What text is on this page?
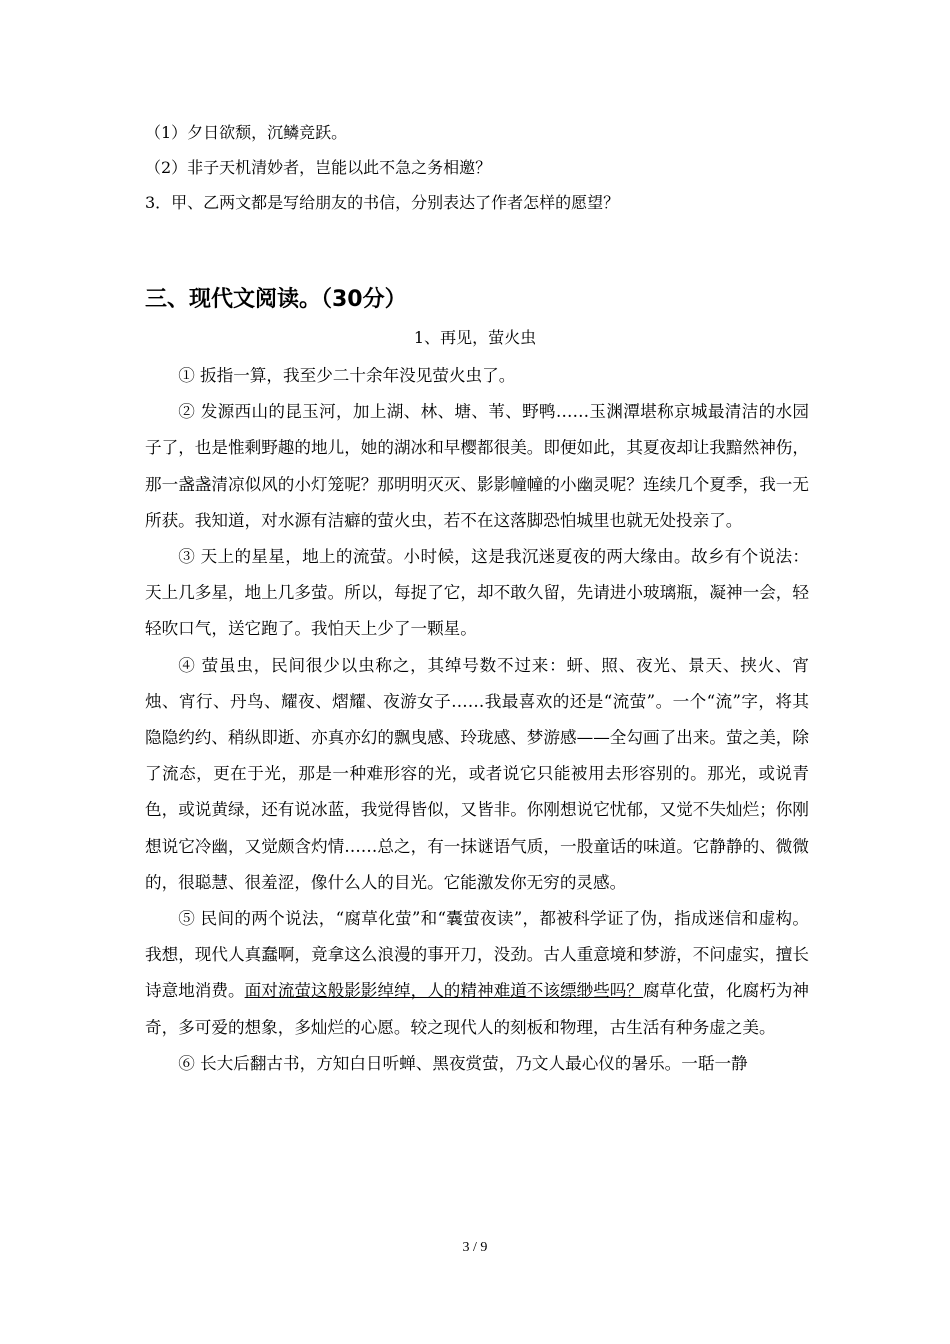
（1）夕日欲颓，沉鳞竞跃。
（2）非子天机清妙者，岂能以此不急之务相邀？
3．甲、乙两文都是写给朋友的书信，分别表达了作者怎样的愿望？
三、现代文阅读。（30分）
1、再见，萤火虫

① 扳指一算，我至少二十余年没见萤火虫了。

② 发源西山的昆玉河，加上湖、林、塘、苇、野鸭……玉渊潭堪称京城最清洁的水园子了，也是惟剩野趣的地儿，她的湖冰和早樱都很美。即便如此，其夏夜却让我黯然神伤，那一盏盏清凉似风的小灯笼呢？那明明灭灭、影影幢幢的小幽灵呢？连续几个夏季，我一无所获。我知道，对水源有洁癖的萤火虫，若不在这落脚恐怕城里也就无处投亲了。

③ 天上的星星，地上的流萤。小时候，这是我沉迷夏夜的两大缘由。故乡有个说法：天上几多星，地上几多萤。所以，每捉了它，却不敢久留，先请进小玻璃瓶，凝神一会，轻轻吹口气，送它跑了。我怕天上少了一颗星。

④ 萤虽虫，民间很少以虫称之，其绰号数不过来：蚈、照、夜光、景天、挟火、宵烛、宵行、丹鸟、耀夜、熠耀、夜游女子……我最喜欢的还是“流萤”。一个“流”字，将其隐隐约约、稍纵即逝、亦真亦幻的飘曳感、玲珑感、梦游感——全勾画了出来。萤之美，除了流态，更在于光，那是一种难形容的光，或者说它只能被用去形容别的。那光，或说青色，或说黄绿，还有说冰蓝，我觉得皆似，又皆非。你刚想说它忧郁，又觉不失灿烂；你刚想说它冷幽，又觉颇含灼情……总之，有一抹谜语气质，一股童话的味道。它静静的、微微的，很聪慧、很羞涩，像什么人的目光。它能激发你无穷的灵感。

⑤ 民间的两个说法，“腐草化萤”和“囊萤夜读”，都被科学证了伪，指成迷信和虚构。我想，现代人真蠢啊，竟拿这么浪漫的事开刀，没劲。古人重意境和梦游，不问虚实，擅长诗意地消费。面对流萤这般影影绰绰，人的精神难道不该缥缈些吗？腐草化萤，化腐朽为神奇，多可爱的想象，多灿烂的心愿。较之现代人的刻板和物理，古生活有种务虚之美。

⑥ 长大后翻古书，方知白日听蝉、黑夜赏萤，乃文人最心仪的暑乐。一聒一静

3 / 9
